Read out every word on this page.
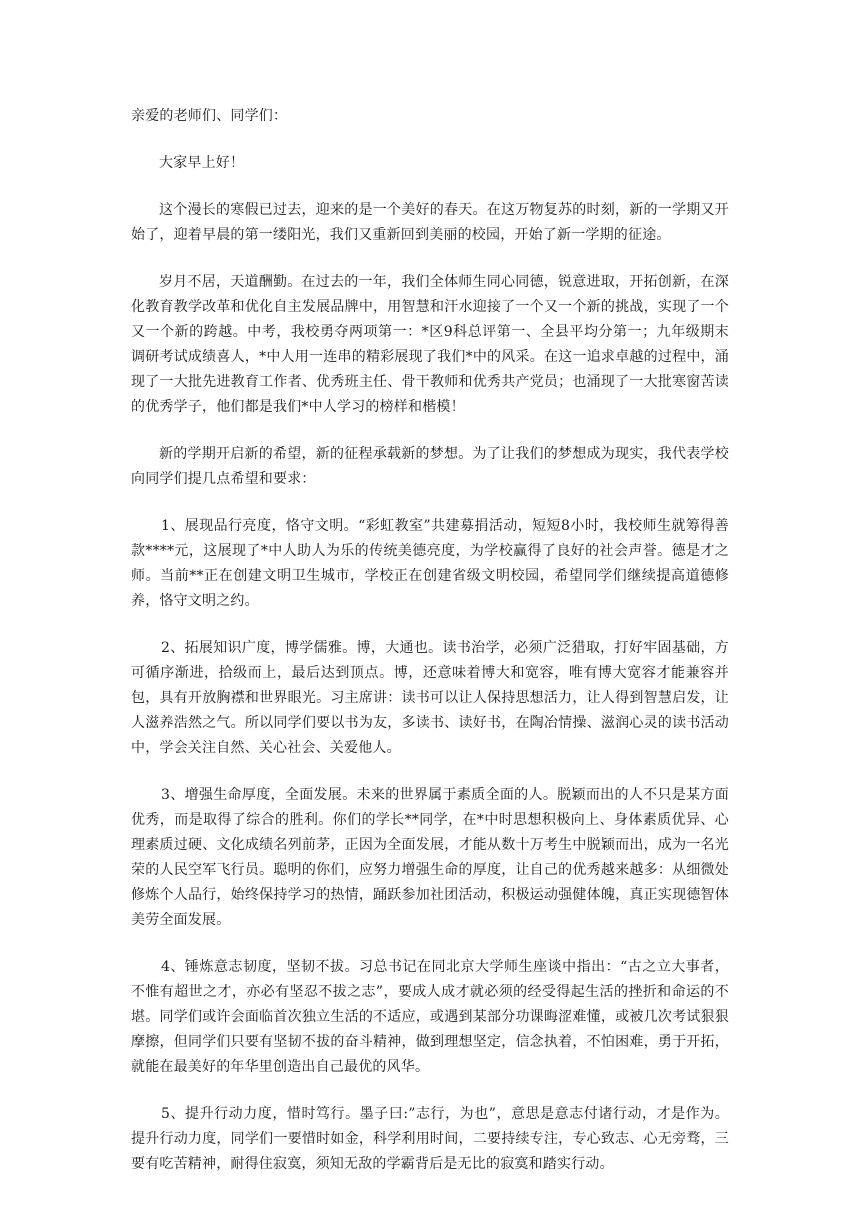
亲爱的老师们、同学们：

大家早上好！

这个漫长的寒假已过去，迎来的是一个美好的春天。在这万物复苏的时刻，新的一学期又开始了，迎着早晨的第一缕阳光，我们又重新回到美丽的校园，开始了新一学期的征途。

岁月不居，天道酬勤。在过去的一年，我们全体师生同心同德，锐意进取，开拓创新，在深化教育教学改革和优化自主发展品牌中，用智慧和汗水迎接了一个又一个新的挑战，实现了一个又一个新的跨越。中考，我校勇夺两项第一：*区9科总评第一、全县平均分第一；九年级期末调研考试成绩喜人，*中人用一连串的精彩展现了我们*中的风采。在这一追求卓越的过程中，涌现了一大批先进教育工作者、优秀班主任、骨干教师和优秀共产党员；也涌现了一大批寒窗苦读的优秀学子，他们都是我们*中人学习的榜样和楷模！

新的学期开启新的希望，新的征程承载新的梦想。为了让我们的梦想成为现实，我代表学校向同学们提几点希望和要求：

1、展现品行亮度，恪守文明。“彩虹教室”共建募捐活动，短短8小时，我校师生就筹得善款****元，这展现了*中人助人为乐的传统美德亮度，为学校赢得了良好的社会声誉。德是才之师。当前**正在创建文明卫生城市，学校正在创建省级文明校园，希望同学们继续提高道德修养，恪守文明之约。

2、拓展知识广度，博学儒雅。博，大通也。读书治学，必须广泛猎取，打好牢固基础，方可循序渐进，拾级而上，最后达到顶点。博，还意味着博大和宽容，唯有博大宽容才能兼容并包，具有开放胸襟和世界眼光。习主席讲：读书可以让人保持思想活力，让人得到智慧启发，让人滋养浩然之气。所以同学们要以书为友，多读书、读好书，在陶冶情操、滋润心灵的读书活动中，学会关注自然、关心社会、关爱他人。

3、增强生命厚度，全面发展。未来的世界属于素质全面的人。脱颖而出的人不只是某方面优秀，而是取得了综合的胜利。你们的学长**同学，在*中时思想积极向上、身体素质优异、心理素质过硬、文化成绩名列前茅，正因为全面发展，才能从数十万考生中脱颖而出，成为一名光荣的人民空军飞行员。聪明的你们，应努力增强生命的厚度，让自己的优秀越来越多：从细微处修炼个人品行，始终保持学习的热情，踊跃参加社团活动，积极运动强健体魄，真正实现德智体美劳全面发展。

4、锤炼意志韧度，坚韧不拔。习总书记在同北京大学师生座谈中指出：“古之立大事者，不惟有超世之才，亦必有坚忍不拔之志”，要成人成才就必须的经受得起生活的挫折和命运的不堪。同学们或许会面临首次独立生活的不适应，或遇到某部分功课晦涩难懂，或被几次考试狠狠摩擦，但同学们只要有坚韧不拔的奋斗精神，做到理想坚定，信念执着，不怕困难，勇于开拓，就能在最美好的年华里创造出自己最优的风华。

5、提升行动力度，惜时笃行。墨子曰:”志行，为也”，意思是意志付诸行动，才是作为。提升行动力度，同学们一要惜时如金，科学利用时间，二要持续专注，专心致志、心无旁骛，三要有吃苦精神，耐得住寂寞，须知无敌的学霸背后是无比的寂寞和踏实行动。
